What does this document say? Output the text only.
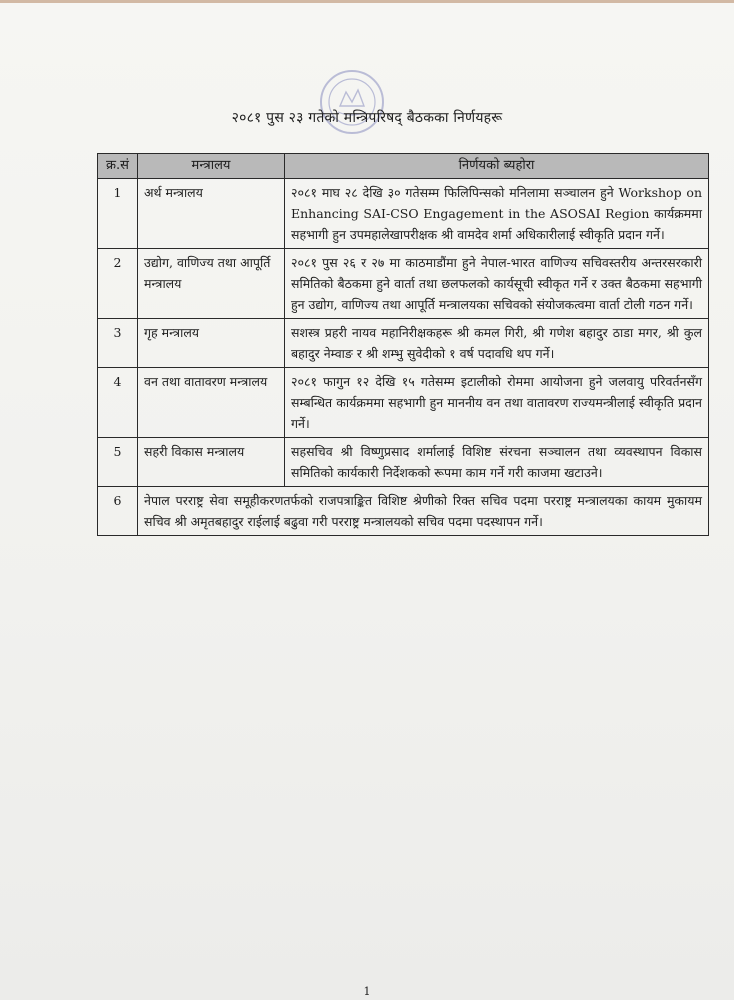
२०८१ पुस २३ गतेको मन्त्रिपरिषद् बैठकका निर्णयहरू
क्र.सं	मन्त्रालय	निर्णयको ब्यहोरा
1	अर्थ मन्त्रालय	२०८१ माघ २८ देखि ३० गतेसम्म फिलिपिन्सको मनिलामा सञ्चालन हुने Workshop on Enhancing SAI-CSO Engagement in the ASOSAI Region कार्यक्रममा सहभागी हुन उपमहालेखापरीक्षक श्री वामदेव शर्मा अधिकारीलाई स्वीकृति प्रदान गर्ने।
2	उद्योग, वाणिज्य तथा आपूर्ति मन्त्रालय	२०८१ पुस २६ र २७ मा काठमाडौंमा हुने नेपाल-भारत वाणिज्य सचिवस्तरीय अन्तरसरकारी समितिको बैठकमा हुने वार्ता तथा छलफलको कार्यसूची स्वीकृत गर्ने र उक्त बैठकमा सहभागी हुन उद्योग, वाणिज्य तथा आपूर्ति मन्त्रालयका सचिवको संयोजकत्वमा वार्ता टोली गठन गर्ने।
3	गृह मन्त्रालय	सशस्त्र प्रहरी नायव महानिरीक्षकहरू श्री कमल गिरी, श्री गणेश बहादुर ठाडा मगर, श्री कुल बहादुर नेम्वाङ र श्री शम्भु सुवेदीको १ वर्ष पदावधि थप गर्ने।
4	वन तथा वातावरण मन्त्रालय	२०८१ फागुन १२ देखि १५ गतेसम्म इटालीको रोममा आयोजना हुने जलवायु परिवर्तनसँग सम्बन्धित कार्यक्रममा सहभागी हुन माननीय वन तथा वातावरण राज्यमन्त्रीलाई स्वीकृति प्रदान गर्ने।
5	सहरी विकास मन्त्रालय	सहसचिव श्री विष्णुप्रसाद शर्मालाई विशिष्ट संरचना सञ्चालन तथा व्यवस्थापन विकास समितिको कार्यकारी निर्देशकको रूपमा काम गर्ने गरी काजमा खटाउने।
6	नेपाल परराष्ट्र सेवा समूहीकरणतर्फको राजपत्राङ्कित विशिष्ट श्रेणीको रिक्त सचिव पदमा परराष्ट्र मन्त्रालयका कायम मुकायम सचिव श्री अमृतबहादुर राईलाई बढुवा गरी परराष्ट्र मन्त्रालयको सचिव पदमा पदस्थापन गर्ने।	
1
